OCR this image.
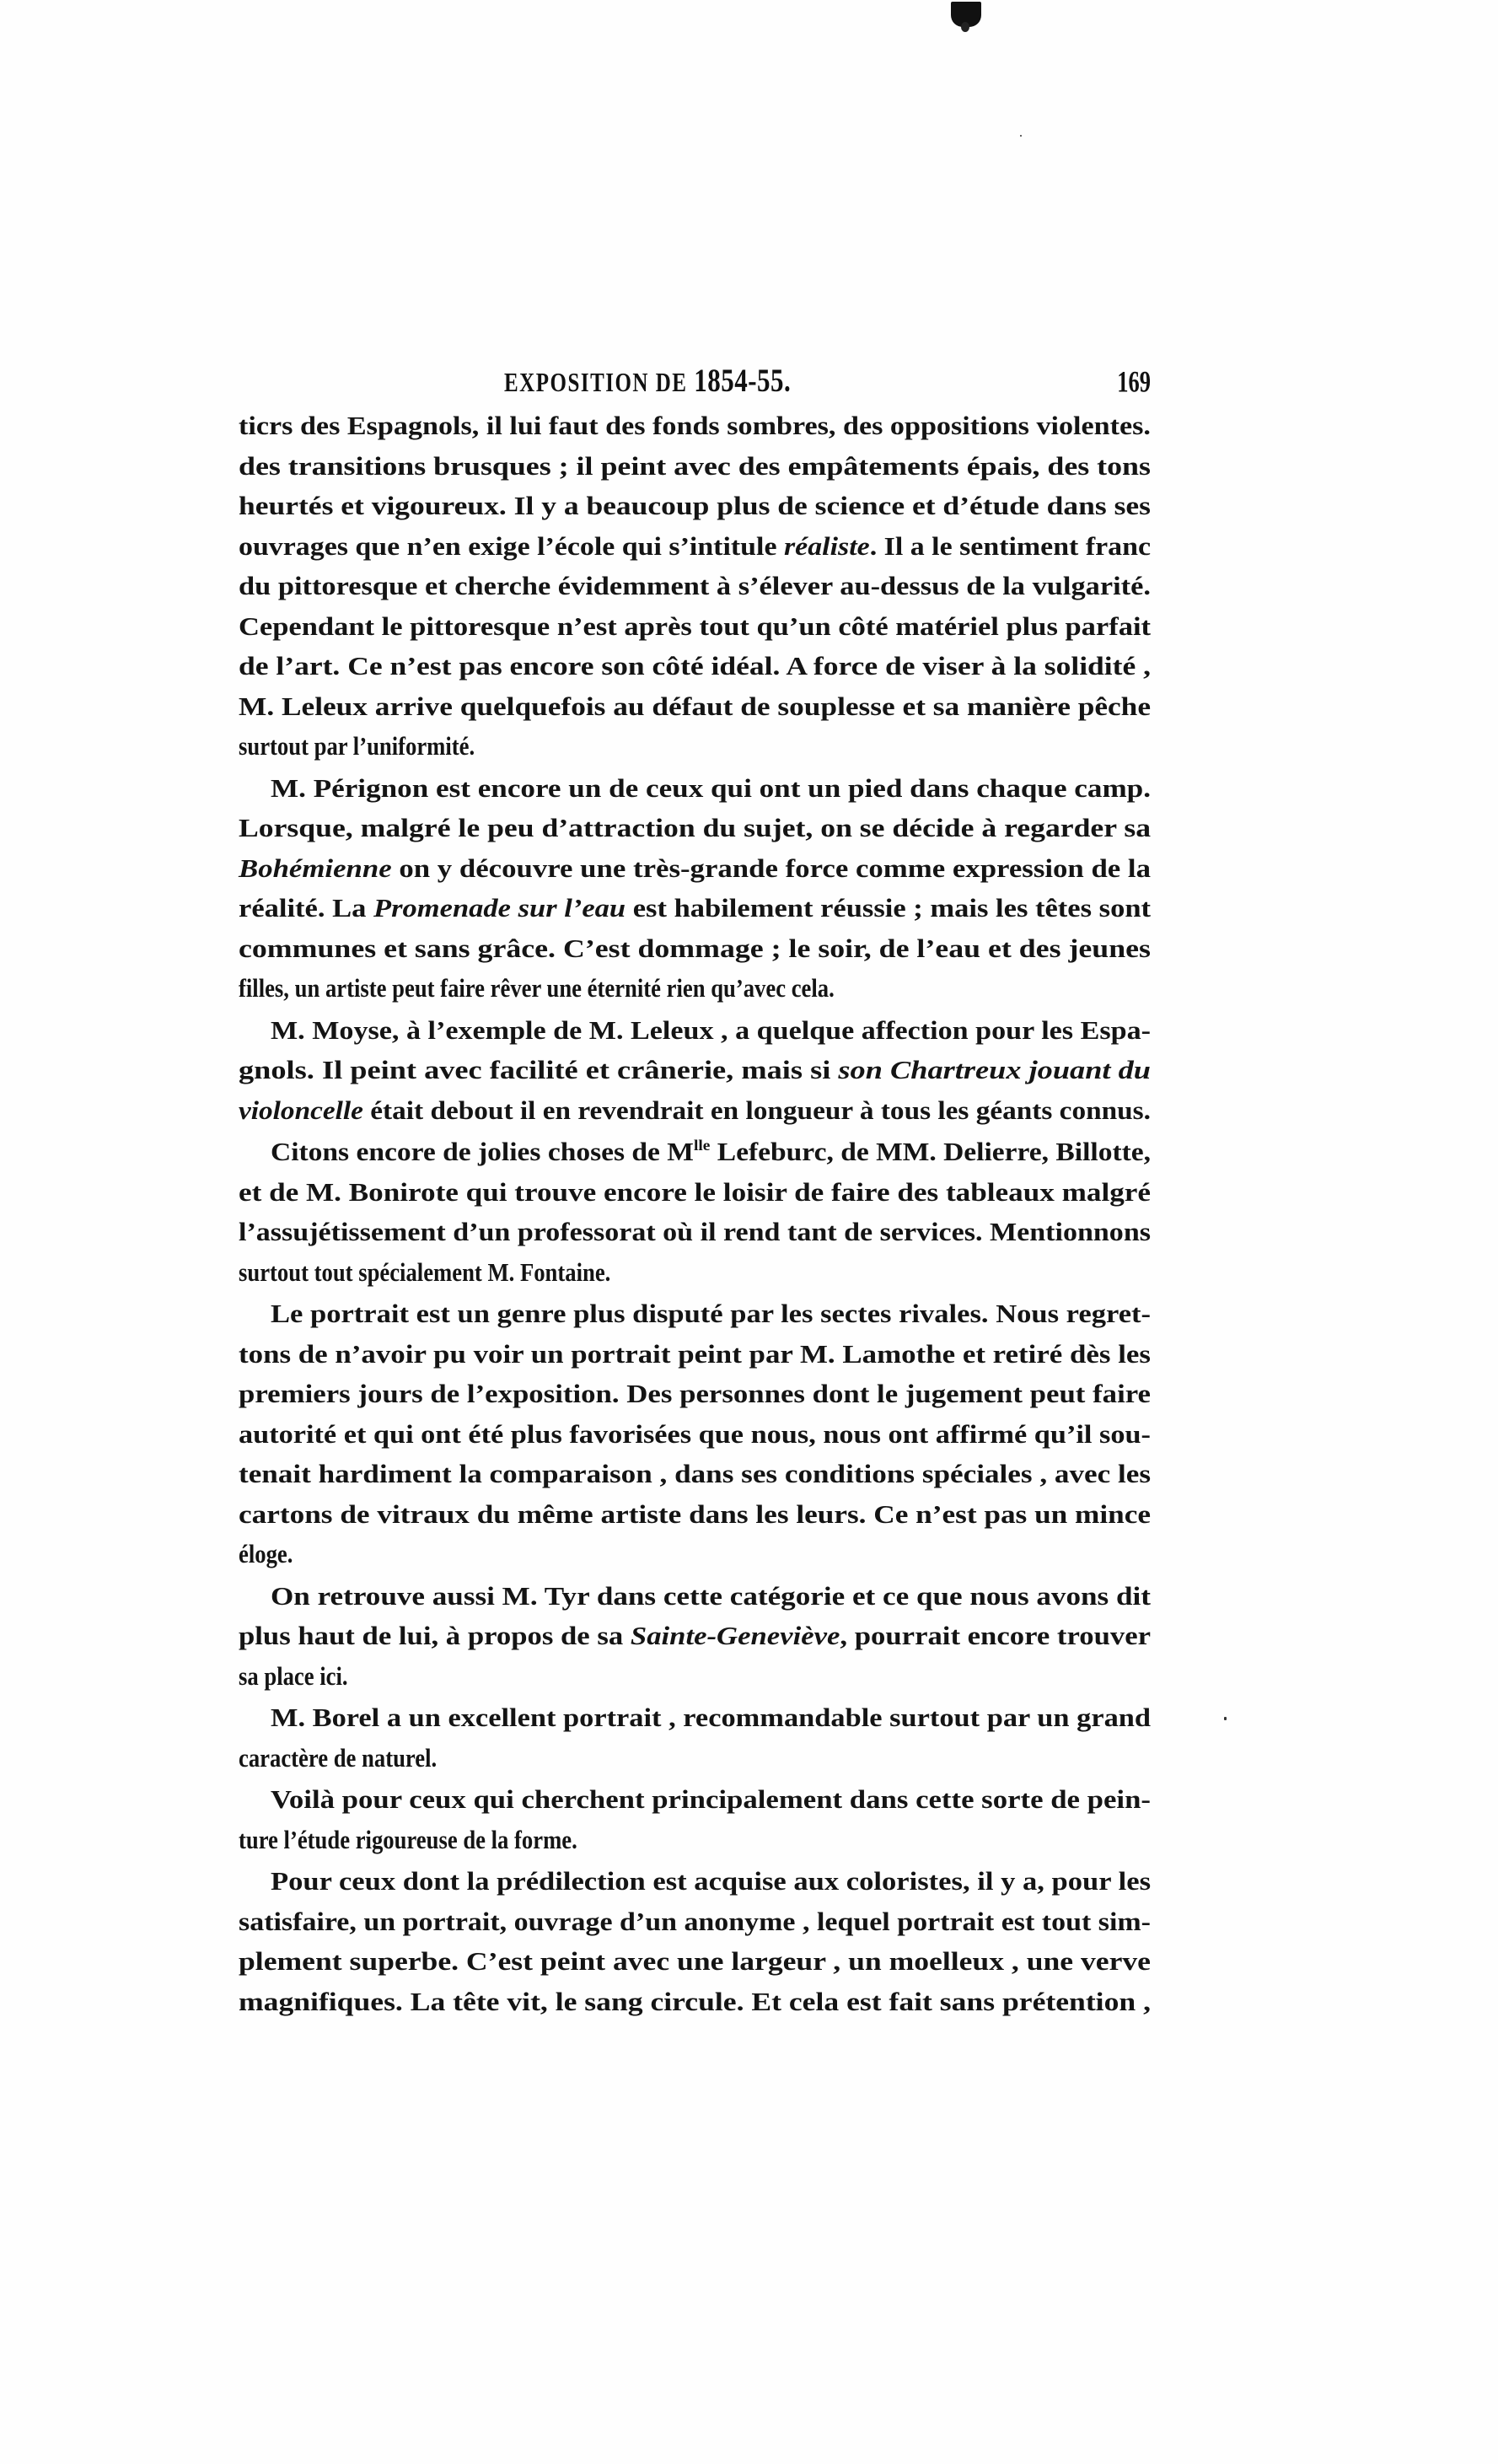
EXPOSITION DE 1854-55.	169
ticrs des Espagnols, il lui faut des fonds sombres, des oppositions violentes.
des transitions brusques ; il peint avec des empâtements épais, des tons
heurtés et vigoureux. Il y a beaucoup plus de science et d’étude dans ses
ouvrages que n’en exige l’école qui s’intitule réaliste. Il a le sentiment franc
du pittoresque et cherche évidemment à s’élever au-dessus de la vulgarité.
Cependant le pittoresque n’est après tout qu’un côté matériel plus parfait
de l’art. Ce n’est pas encore son côté idéal. A force de viser à la solidité ,
M. Leleux arrive quelquefois au défaut de souplesse et sa manière pêche
surtout par l’uniformité.
M. Pérignon est encore un de ceux qui ont un pied dans chaque camp.
Lorsque, malgré le peu d’attraction du sujet, on se décide à regarder sa
Bohémienne on y découvre une très-grande force comme expression de la
réalité. La Promenade sur l’eau est habilement réussie ; mais les têtes sont
communes et sans grâce. C’est dommage ; le soir, de l’eau et des jeunes
filles, un artiste peut faire rêver une éternité rien qu’avec cela.
M. Moyse, à l’exemple de M. Leleux , a quelque affection pour les Espa-
gnols. Il peint avec facilité et crânerie, mais si son Chartreux jouant du
violoncelle était debout il en revendrait en longueur à tous les géants connus.
Citons encore de jolies choses de $M^{lle}$ Lefeburc, de MM. Delierre, Billotte,
et de M. Bonirote qui trouve encore le loisir de faire des tableaux malgré
l’assujétissement d’un professorat où il rend tant de services. Mentionnons
surtout tout spécialement M. Fontaine.
Le portrait est un genre plus disputé par les sectes rivales. Nous regret-
tons de n’avoir pu voir un portrait peint par M. Lamothe et retiré dès les
premiers jours de l’exposition. Des personnes dont le jugement peut faire
autorité et qui ont été plus favorisées que nous, nous ont affirmé qu’il sou-
tenait hardiment la comparaison , dans ses conditions spéciales , avec les
cartons de vitraux du même artiste dans les leurs. Ce n’est pas un mince
éloge.
On retrouve aussi M. Tyr dans cette catégorie et ce que nous avons dit
plus haut de lui, à propos de sa Sainte-Geneviève, pourrait encore trouver
sa place ici.
M. Borel a un excellent portrait , recommandable surtout par un grand
caractère de naturel.
Voilà pour ceux qui cherchent principalement dans cette sorte de pein-
ture l’étude rigoureuse de la forme.
Pour ceux dont la prédilection est acquise aux coloristes, il y a, pour les
satisfaire, un portrait, ouvrage d’un anonyme , lequel portrait est tout sim-
plement superbe. C’est peint avec une largeur , un moelleux , une verve
magnifiques. La tête vit, le sang circule. Et cela est fait sans prétention ,
